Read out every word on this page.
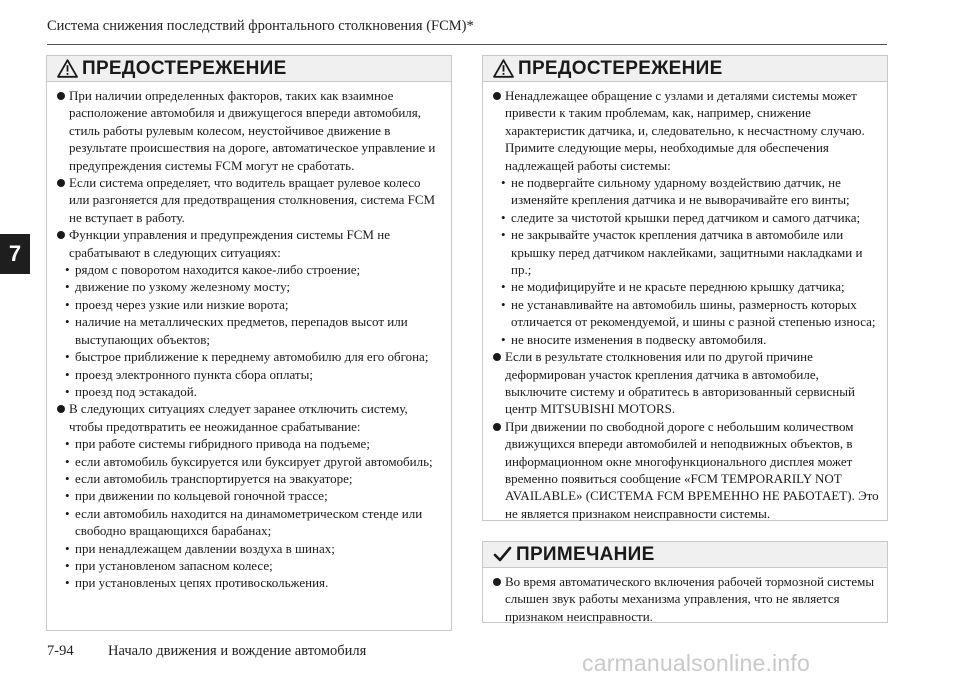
Система снижения последствий фронтального столкновения (FCM)*
7
ПРЕДОСТЕРЕЖЕНИЕ
При наличии определенных факторов, таких как взаимное расположение автомобиля и движущегося впереди автомобиля, стиль работы рулевым колесом, неустойчивое движение в результате происшествия на дороге, автоматическое управление и предупреждения системы FCM могут не сработать.
Если система определяет, что водитель вращает рулевое колесо или разгоняется для предотвращения столкновения, система FCM не вступает в работу.
Функции управления и предупреждения системы FCM не срабатывают в следующих ситуациях:
• рядом с поворотом находится какое-либо строение;
• движение по узкому железному мосту;
• проезд через узкие или низкие ворота;
• наличие на металлических предметов, перепадов высот или выступающих объектов;
• быстрое приближение к переднему автомобилю для его обгона;
• проезд электронного пункта сбора оплаты;
• проезд под эстакадой.
В следующих ситуациях следует заранее отключить систему, чтобы предотвратить ее неожиданное срабатывание:
• при работе системы гибридного привода на подъеме;
• если автомобиль буксируется или буксирует другой автомобиль;
• если автомобиль транспортируется на эвакуаторе;
• при движении по кольцевой гоночной трассе;
• если автомобиль находится на динамометрическом стенде или свободно вращающихся барабанах;
• при ненадлежащем давлении воздуха в шинах;
• при установленом запасном колесе;
• при установленых цепях противоскольжения.
ПРЕДОСТЕРЕЖЕНИЕ
Ненадлежащее обращение с узлами и деталями системы может привести к таким проблемам, как, например, снижение характеристик датчика, и, следовательно, к несчастному случаю. Примите следующие меры, необходимые для обеспечения надлежащей работы системы:
• не подвергайте сильному ударному воздействию датчик, не изменяйте крепления датчика и не выворачивайте его винты;
• следите за чистотой крышки перед датчиком и самого датчика;
• не закрывайте участок крепления датчика в автомобиле или крышку перед датчиком наклейками, защитными накладками и пр.;
• не модифицируйте и не красьте переднюю крышку датчика;
• не устанавливайте на автомобиль шины, размерность которых отличается от рекомендуемой, и шины с разной степенью износа;
• не вносите изменения в подвеску автомобиля.
Если в результате столкновения или по другой причине деформирован участок крепления датчика в автомобиле, выключите систему и обратитесь в авторизованный сервисный центр MITSUBISHI MOTORS.
При движении по свободной дороге с небольшим количеством движущихся впереди автомобилей и неподвижных объектов, в информационном окне многофункционального дисплея может временно появиться сообщение «FCM TEMPORARILY NOT AVAILABLE» (СИСТЕМА FCM ВРЕМЕННО НЕ РАБОТАЕТ). Это не является признаком неисправности системы.
ПРИМЕЧАНИЕ
Во время автоматического включения рабочей тормозной системы слышен звук работы механизма управления, что не является признаком неисправности.
7-94 Начало движения и вождение автомобиля	carmanualsonline.info
